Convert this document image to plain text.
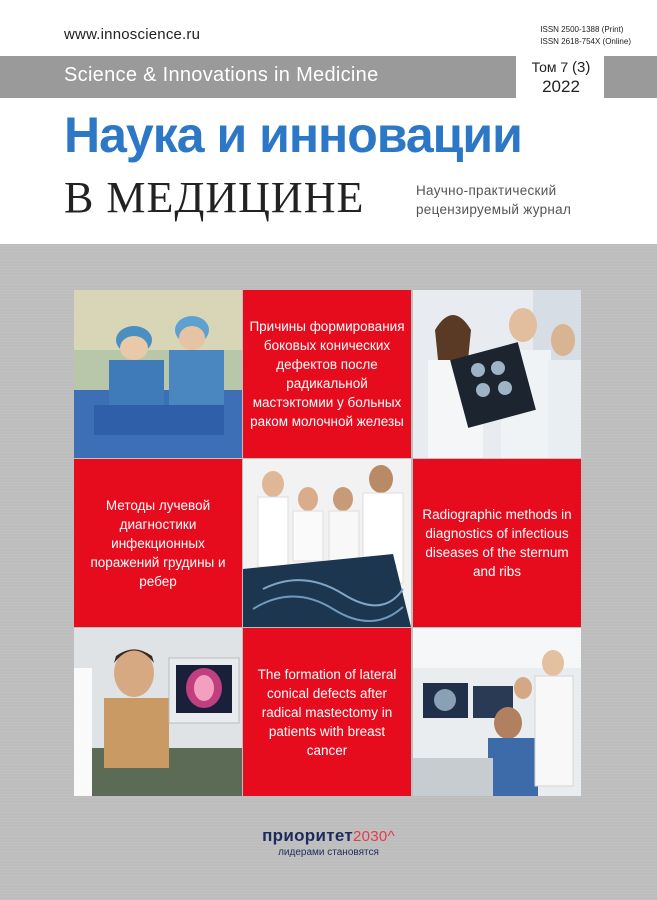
www.innoscience.ru	ISSN 2500-1388 (Print)
ISSN 2618-754X (Online)
Science & Innovations in Medicine	Том 7 (3)
2022
Наука и инновации
В МЕДИЦИНЕ	Научно-практический
рецензируемый журнал
Причины формирования боковых конических дефектов после радикальной мастэктомии у больных раком молочной железы
Методы лучевой диагностики инфекционных поражений грудины и ребер
Radiographic methods in diagnostics of infectious diseases of the sternum and ribs
The formation of lateral conical defects after radical mastectomy in patients with breast cancer
приоритет2030^
лидерами становятся
